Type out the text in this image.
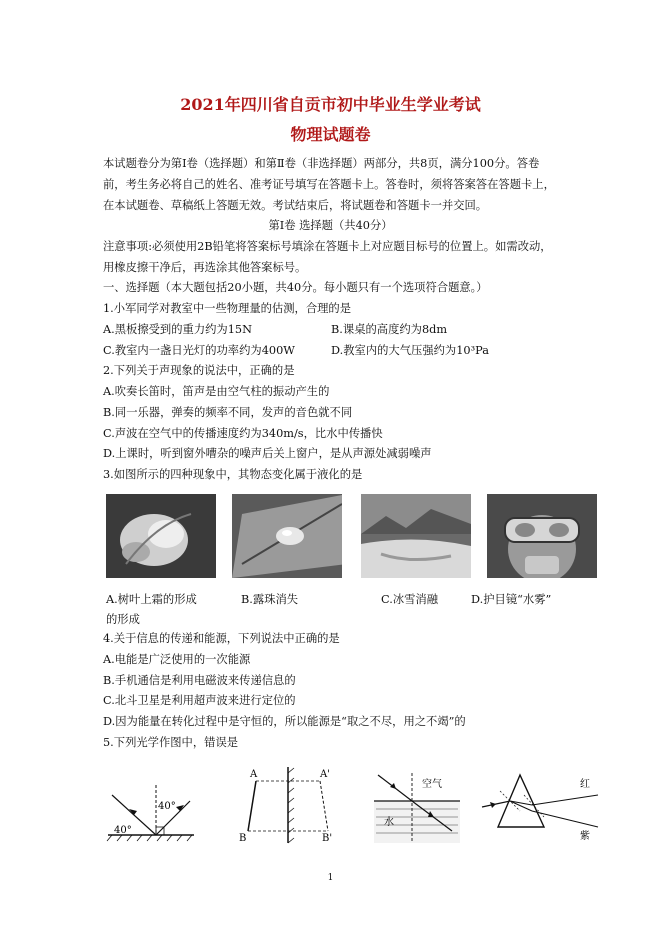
2021年四川省自贡市初中毕业生学业考试
物理试题卷
本试题卷分为第Ⅰ卷（选择题）和第Ⅱ卷（非选择题）两部分，共8页，满分100分。答卷
前，考生务必将自己的姓名、准考证号填写在答题卡上。答卷时，须将答案答在答题卡上，
在本试题卷、草稿纸上答题无效。考试结束后，将试题卷和答题卡一并交回。
第Ⅰ卷 选择题（共40分）
注意事项:必须使用2B铅笔将答案标号填涂在答题卡上对应题目标号的位置上。如需改动，
用橡皮擦干净后，再选涂其他答案标号。
一、选择题（本大题包括20小题，共40分。每小题只有一个选项符合题意。）
1.小军同学对教室中一些物理量的估测，合理的是
A.黑板擦受到的重力约为15N	B.课桌的高度约为8dm
C.教室内一盏日光灯的功率约为400W	D.教室内的大气压强约为10³Pa
2.下列关于声现象的说法中，正确的是
A.吹奏长笛时，笛声是由空气柱的振动产生的
B.同一乐器，弹奏的频率不同，发声的音色就不同
C.声波在空气中的传播速度约为340m/s，比水中传播快
D.上课时，听到窗外嘈杂的噪声后关上窗户，是从声源处减弱噪声
3.如图所示的四种现象中，其物态变化属于液化的是
A.树叶上霜的形成
的形成
B.露珠消失	C.冰雪消融	D.护目镜“水雾”
4.关于信息的传递和能源，下列说法中正确的是
A.电能是广泛使用的一次能源
B.手机通信是利用电磁波来传递信息的
C.北斗卫星是利用超声波来进行定位的
D.因为能量在转化过程中是守恒的，所以能源是“取之不尽，用之不竭”的
5.下列光学作图中，错误是
40°
40°
A	A'
B	B'
空气
水
红
紫
1
